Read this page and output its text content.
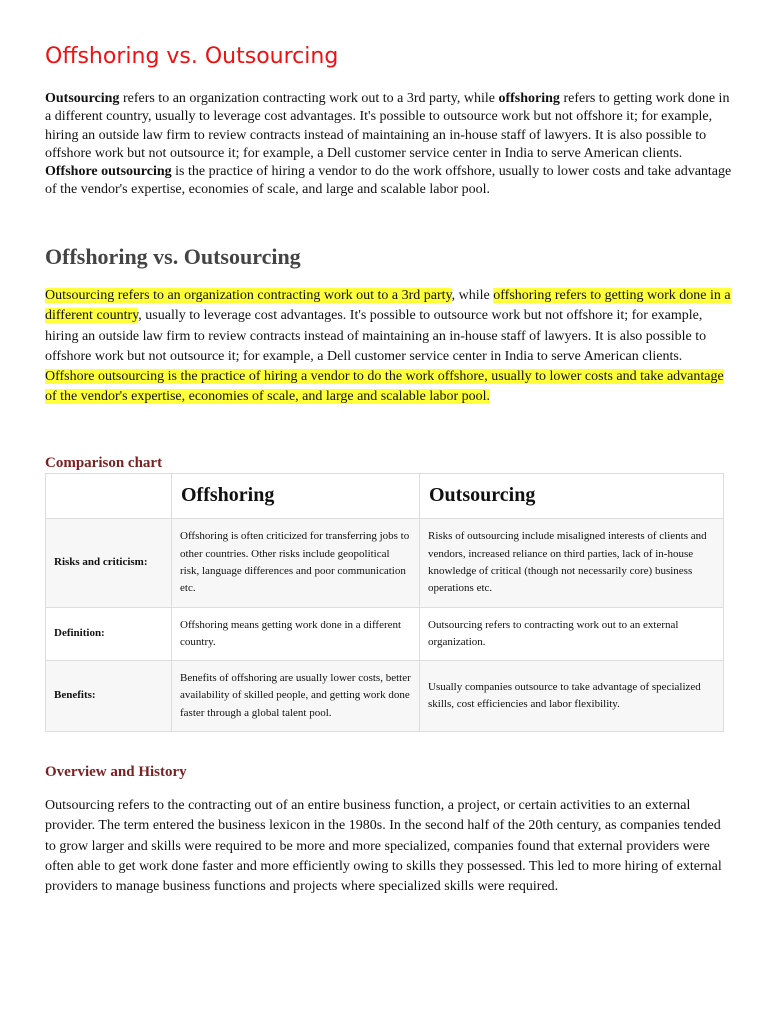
Offshoring vs. Outsourcing

Outsourcing refers to an organization contracting work out to a 3rd party, while offshoring refers to getting work done in a different country, usually to leverage cost advantages. It's possible to outsource work but not offshore it; for example, hiring an outside law firm to review contracts instead of maintaining an in-house staff of lawyers. It is also possible to offshore work but not outsource it; for example, a Dell customer service center in India to serve American clients. Offshore outsourcing is the practice of hiring a vendor to do the work offshore, usually to lower costs and take advantage of the vendor's expertise, economies of scale, and large and scalable labor pool.

Offshoring vs. Outsourcing

Outsourcing refers to an organization contracting work out to a 3rd party, while offshoring refers to getting work done in a different country, usually to leverage cost advantages. It's possible to outsource work but not offshore it; for example, hiring an outside law firm to review contracts instead of maintaining an in-house staff of lawyers. It is also possible to offshore work but not outsource it; for example, a Dell customer service center in India to serve American clients. Offshore outsourcing is the practice of hiring a vendor to do the work offshore, usually to lower costs and take advantage of the vendor's expertise, economies of scale, and large and scalable labor pool.

Comparison chart
	Offshoring	Outsourcing
Risks and criticism:	Offshoring is often criticized for transferring jobs to other countries. Other risks include geopolitical risk, language differences and poor communication etc.	Risks of outsourcing include misaligned interests of clients and vendors, increased reliance on third parties, lack of in-house knowledge of critical (though not necessarily core) business operations etc.
Definition:	Offshoring means getting work done in a different country.	Outsourcing refers to contracting work out to an external organization.
Benefits:	Benefits of offshoring are usually lower costs, better availability of skilled people, and getting work done faster through a global talent pool.	Usually companies outsource to take advantage of specialized skills, cost efficiencies and labor flexibility.
Overview and History

Outsourcing refers to the contracting out of an entire business function, a project, or certain activities to an external provider. The term entered the business lexicon in the 1980s. In the second half of the 20th century, as companies tended to grow larger and skills were required to be more and more specialized, companies found that external providers were often able to get work done faster and more efficiently owing to skills they possessed. This led to more hiring of external providers to manage business functions and projects where specialized skills were required.
